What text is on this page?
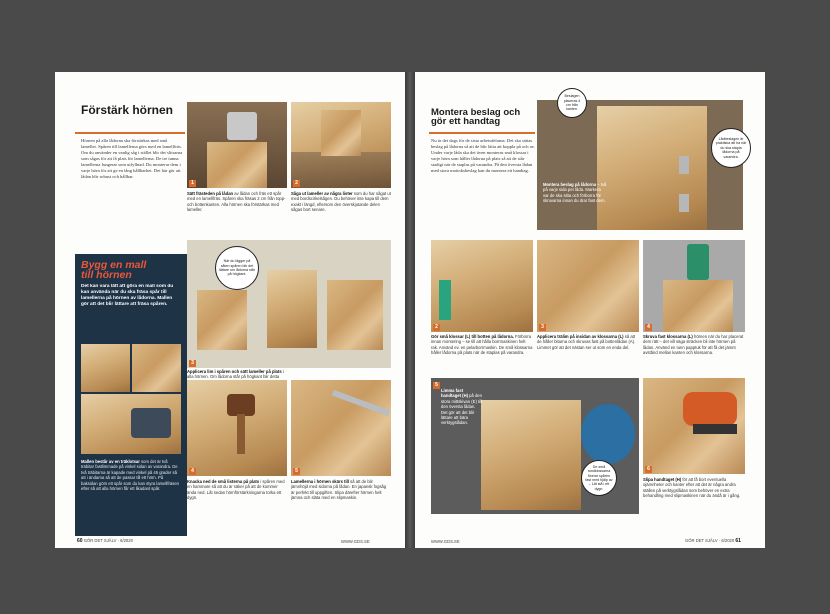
Förstärk hörnen
Hörnen på alla lådorna ska förstärkas med små lameller. Spåren till lamellerna görs med en lamellfräs. Om du använder en vanlig såg i stället blir det slitsarna som sågas för att få plats för lamellerna. De tre tunna lamellerna fungerar som utfyllnad. Du monterar dem i varje hörn för att ge en lång hållbarhet. Det här gör att lådan blir robust och hållbar.
1
Sätt frästeden på lådan av lådan och fräs ett spår med en lamellfräs. Spåren ska fräsas 2 cm från topp- och bottenkanten. Alla hörnen ska förstärkas med lameller.
2
Såga ut lameller av några lister som du har sågat ut med bordscirkelsågen. Du behöver inte kapa till dem exakt i längd, eftersom den överskjutande delen sågas bort senare.
3
När du lägger på såten spåren blir det lättare om lådorna står på högkant.
Applicera lim i spåren och sätt lameller på plats i alla hörnen. Om lådorna står på högkant blir detta
4
Knacka ned de små listerna på plats i spåren med en hammare så att du är säker på att de kommer ända ned. Låt sedan hörnförstärkningarna torka ett dygn.
5
Lamellerna i hörnen skärs till så att de blir jämnhöjd med sidorna på lådan. En japansk fogsåg är perfekt till uppgiften. Slipa därefter hörnen helt jämna och släta med en slipmaskin.
Bygg en mall
till hörnen
Det kan vara lätt att göra en mall som du kan använda när du ska fräsa spår till lamellerna på hörnen av lådorna. Mallen gör att det blir lättare att fräsa spåren.
Mallen består av en träklotsar som det är två träbitar fastlimmade på vinkel sidan av varandra. De två träbitarna är kapade med vinkel på 45 grader så att i ändarna så att de passar till ett hörn. På baksidan görs ett spår som du kan styra lamellfräsen efter så att alla hörnen får ett likadant spår.
60 GÖR DET SJÄLV · 6/2020	WWW.GDS.SE
Montera beslag och
gör ett handtag
Nu är det dags för de sista arbetsdelarna. Det ska sättas beslag på lådorna så att de blir lätta att koppla på och av. Under varje låda ska det även monteras små klossar i varje hörn som håller lådorna på plats så att de står stadigt när de staplas på varandra. På den översta lådan med stora mottoksbeslag kan du montera ett handtag.
Beslagen placeras 4 cm från kanten.
Lådbeslagen är praktiska att ha när du ska stapla lådorna på varandra.
Montera beslag på lådorna – två på varje sida per låda. Markera var de ska sitta och förborra för skruvarna innan du drar fast dem.
2	3	4
Gör små klossar (L) till botten på lådorna. Förborra innan montering – se till att hålla borrmaskinen helt rak. Använd ev. en pelarborrmaskin. De små klossarna håller lådorna på plats när de staplas på varandra.
Applicera trälim på insidan av klossarna (L) så att de håller bitarna och skruvas fast på bottenlådan (A). Limmet gör att det nästan ser ut som en enda del.
Skruva fast klossarna (L) hörnen när du har placerat dem rätt – det vill säga sträcken bli inte hörnen på lådan. Använd en tunn papptuk för att få det jämnt avstånd mellan kanten och klossarna.
5
Limma fast handtaget (H) på den stora mittskivan (E) till den översta lådan. Det gör att det blir lättare att bära verktygslådan.
De små rundklossarna fixerar spåren fast med hjälp av – Lät stå i ett dygn.
6
Slipa handtaget (H) för att få bort eventuella ojämnheter och kanter efter att det är några andra ställen på verktygslådan som behöver en extra behandling med slipmaskinen när du ändå är i gång.
WWW.GDS.SE	GÖR DET SJÄLV · 6/2020 61
